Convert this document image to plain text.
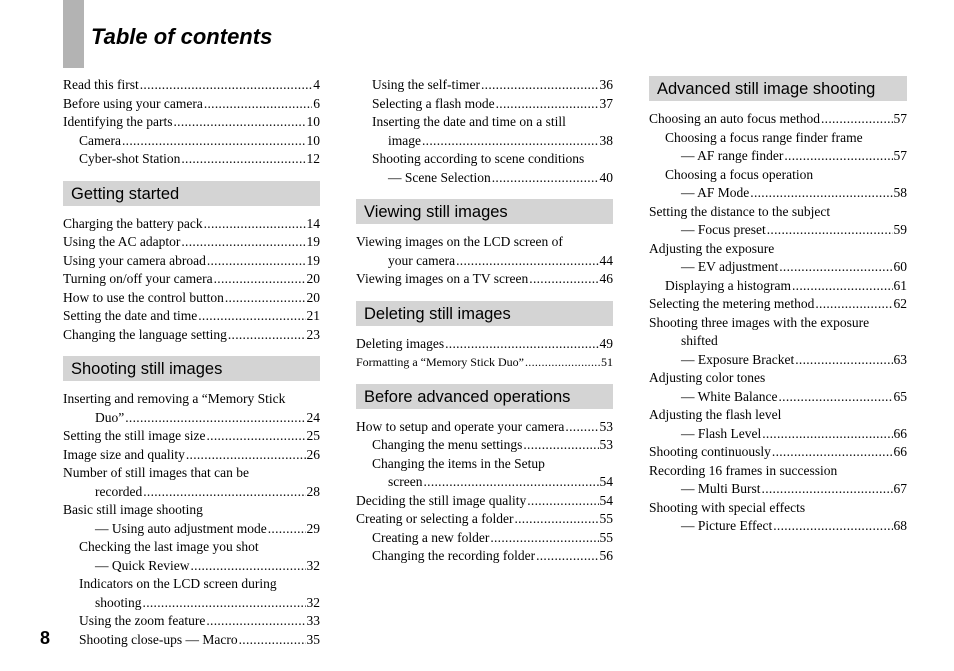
Table of contents
Read this first .....	4
Before using your camera .....	6
Identifying the parts .....	10
Camera .....	10
Cyber-shot Station .....	12
Getting started
Charging the battery pack .....	14
Using the AC adaptor .....	19
Using your camera abroad .....	19
Turning on/off your camera .....	20
How to use the control button .....	20
Setting the date and time .....	21
Changing the language setting .....	23
Shooting still images
Inserting and removing a “Memory Stick
Duo” .....	24
Setting the still image size .....	25
Image size and quality .....	26
Number of still images that can be
recorded .....	28
Basic still image shooting
— Using auto adjustment mode .....	29
Checking the last image you shot
— Quick Review .....	32
Indicators on the LCD screen during
shooting .....	32
Using the zoom feature .....	33
Shooting close-ups — Macro .....	35
Using the self-timer .....	36
Selecting a flash mode .....	37
Inserting the date and time on a still
image .....	38
Shooting according to scene conditions
— Scene Selection .....	40
Viewing still images
Viewing images on the LCD screen of
your camera .....	44
Viewing images on a TV screen .....	46
Deleting still images
Deleting images .....	49
Formatting a “Memory Stick Duo” .....	51
Before advanced operations
How to setup and operate your camera .....	53
Changing the menu settings .....	53
Changing the items in the Setup
screen .....	54
Deciding the still image quality .....	54
Creating or selecting a folder .....	55
Creating a new folder .....	55
Changing the recording folder .....	56
Advanced still image shooting
Choosing an auto focus method .....	57
Choosing a focus range finder frame
— AF range finder .....	57
Choosing a focus operation
— AF Mode .....	58
Setting the distance to the subject
— Focus preset .....	59
Adjusting the exposure
— EV adjustment .....	60
Displaying a histogram .....	61
Selecting the metering method .....	62
Shooting three images with the exposure
shifted
— Exposure Bracket .....	63
Adjusting color tones
— White Balance .....	65
Adjusting the flash level
— Flash Level .....	66
Shooting continuously .....	66
Recording 16 frames in succession
— Multi Burst .....	67
Shooting with special effects
— Picture Effect .....	68
8
